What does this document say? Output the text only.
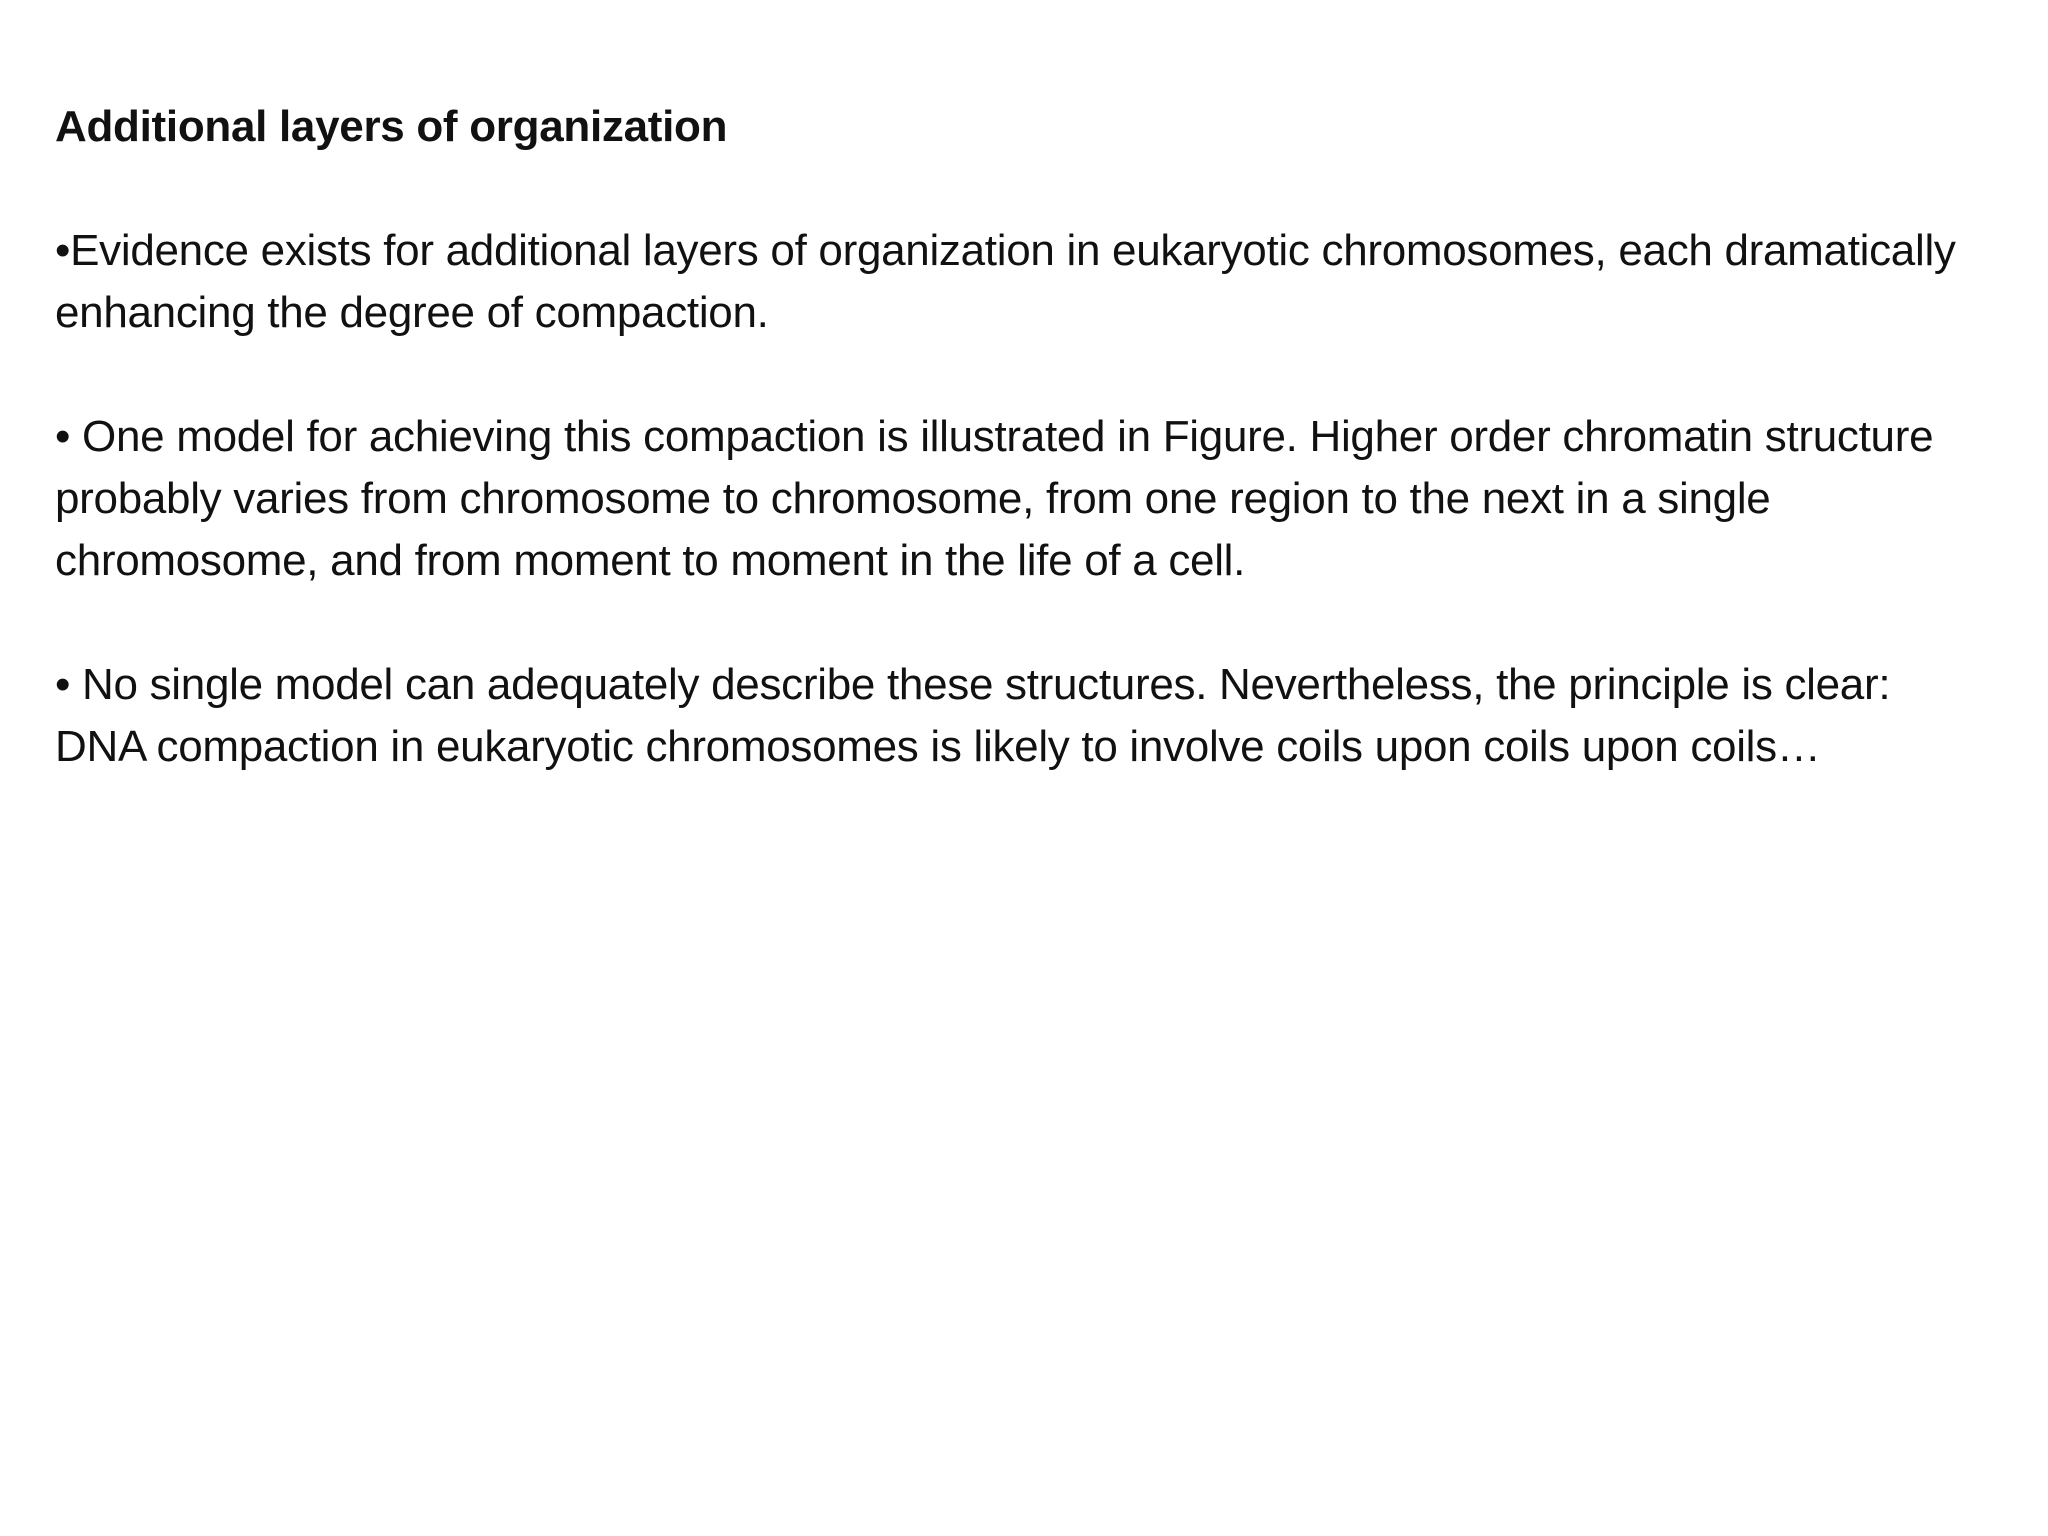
Additional layers of organization

•Evidence exists for additional layers of organization in eukaryotic chromosomes, each dramatically enhancing the degree of compaction.

• One model for achieving this compaction is illustrated in Figure. Higher order chromatin structure probably varies from chromosome to chromosome, from one region to the next in a single chromosome, and from moment to moment in the life of a cell.

• No single model can adequately describe these structures. Nevertheless, the principle is clear: DNA compaction in eukaryotic chromosomes is likely to involve coils upon coils upon coils…
